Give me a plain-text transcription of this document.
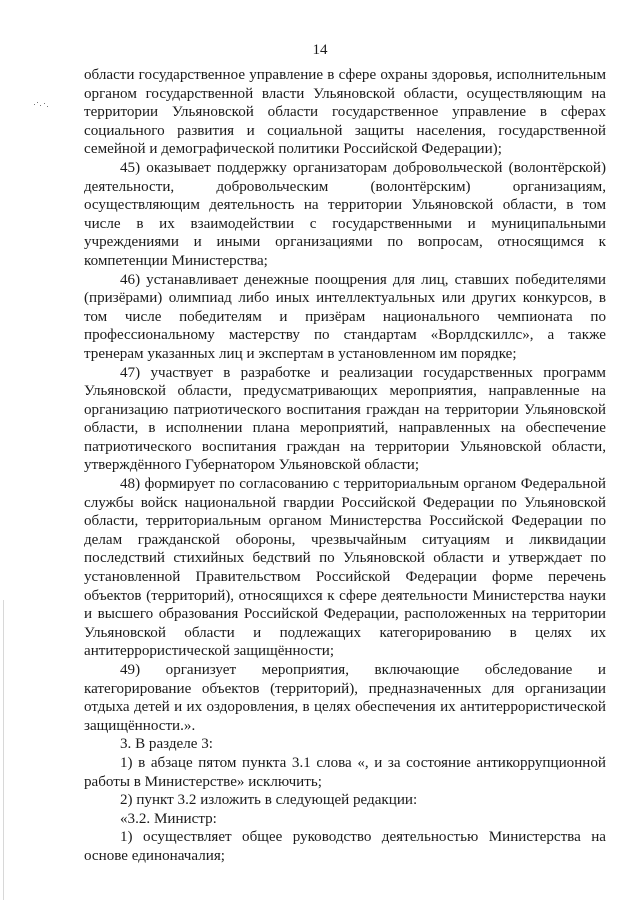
14

области государственное управление в сфере охраны здоровья, исполнительным органом государственной власти Ульяновской области, осуществляющим на территории Ульяновской области государственное управление в сферах социального развития и социальной защиты населения, государственной семейной и демографической политики Российской Федерации);

45) оказывает поддержку организаторам добровольческой (волонтёрской) деятельности, добровольческим (волонтёрским) организациям, осуществляющим деятельность на территории Ульяновской области, в том числе в их взаимодействии с государственными и муниципальными учреждениями и иными организациями по вопросам, относящимся к компетенции Министерства;

46) устанавливает денежные поощрения для лиц, ставших победителями (призёрами) олимпиад либо иных интеллектуальных или других конкурсов, в том числе победителям и призёрам национального чемпионата по профессиональному мастерству по стандартам «Ворлдскиллс», а также тренерам указанных лиц и экспертам в установленном им порядке;

47) участвует в разработке и реализации государственных программ Ульяновской области, предусматривающих мероприятия, направленные на организацию патриотического воспитания граждан на территории Ульяновской области, в исполнении плана мероприятий, направленных на обеспечение патриотического воспитания граждан на территории Ульяновской области, утверждённого Губернатором Ульяновской области;

48) формирует по согласованию с территориальным органом Федеральной службы войск национальной гвардии Российской Федерации по Ульяновской области, территориальным органом Министерства Российской Федерации по делам гражданской обороны, чрезвычайным ситуациям и ликвидации последствий стихийных бедствий по Ульяновской области и утверждает по установленной Правительством Российской Федерации форме перечень объектов (территорий), относящихся к сфере деятельности Министерства науки и высшего образования Российской Федерации, расположенных на территории Ульяновской области и подлежащих категорированию в целях их антитеррористической защищённости;

49) организует мероприятия, включающие обследование и категорирование объектов (территорий), предназначенных для организации отдыха детей и их оздоровления, в целях обеспечения их антитеррористической защищённости.».

3. В разделе 3:

1) в абзаце пятом пункта 3.1 слова «, и за состояние антикоррупционной работы в Министерстве» исключить;

2) пункт 3.2 изложить в следующей редакции:

«3.2. Министр:

1) осуществляет общее руководство деятельностью Министерства на основе единоначалия;
